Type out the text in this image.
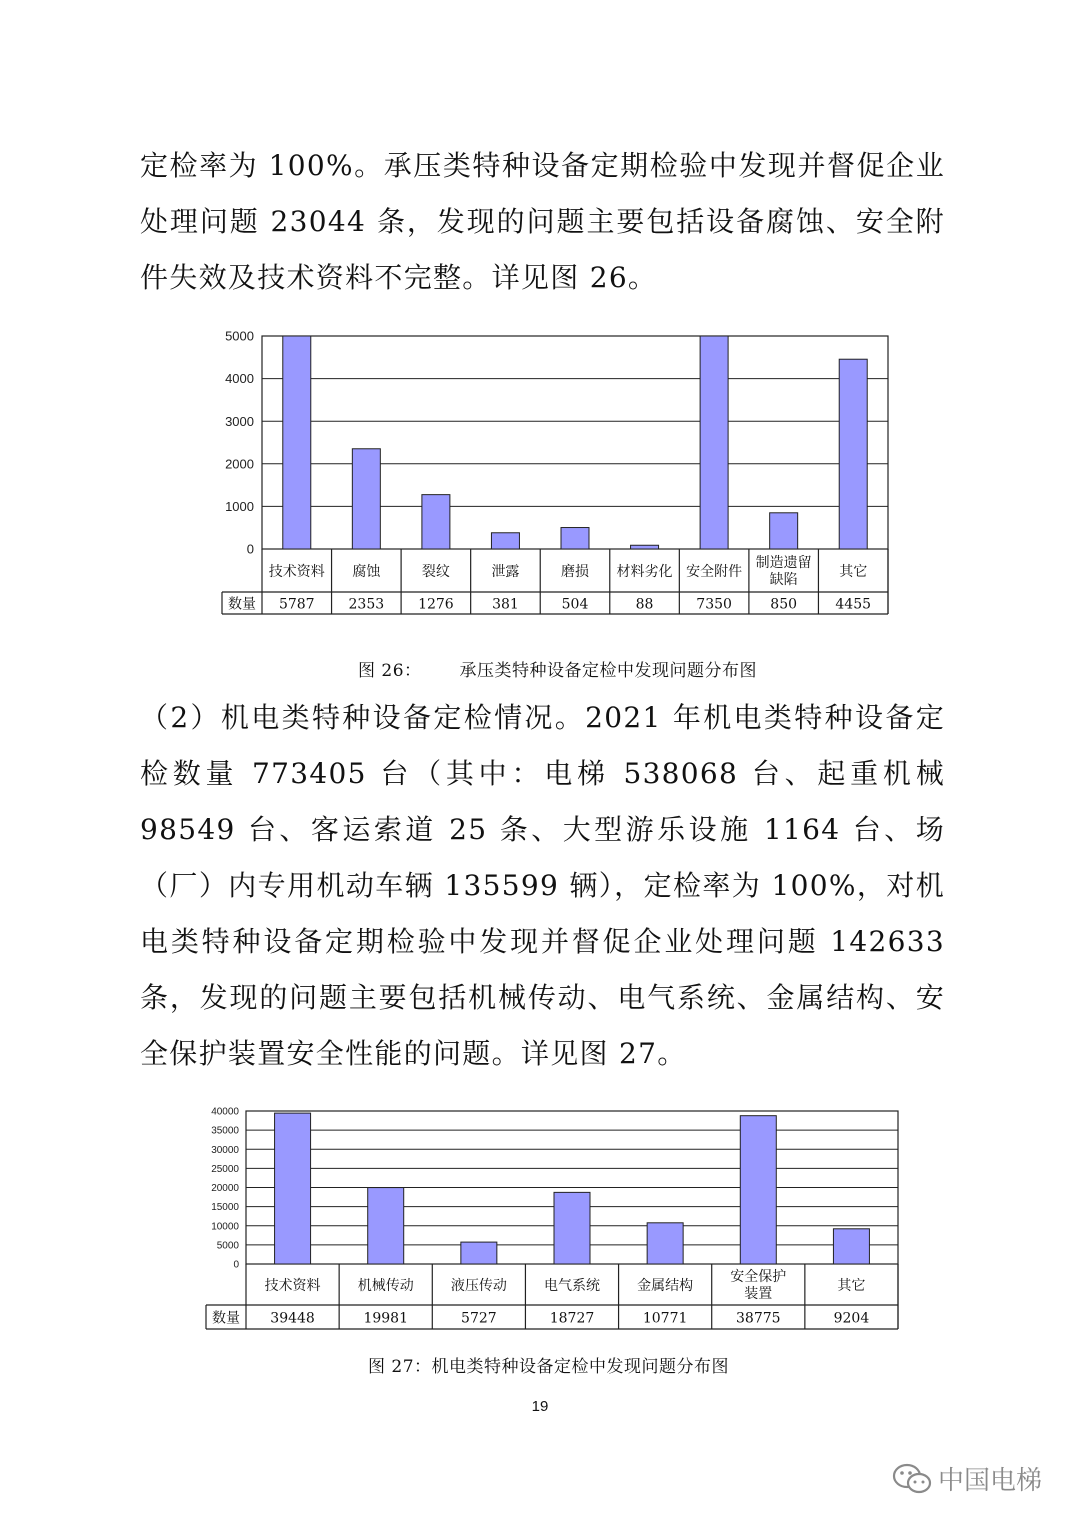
定检率为 100%。承压类特种设备定期检验中发现并督促企业处理问题 23044 条，发现的问题主要包括设备腐蚀、安全附件失效及技术资料不完整。详见图 26。

0
1000
2000
3000
4000
5000
技术资料
5787
腐蚀
2353
裂纹
1276
泄露
381
磨损
504
材料劣化
88
安全附件
7350
制造遗留缺陷
850
其它
4455
数量
图 26： 承压类特种设备定检中发现问题分布图

（2）机电类特种设备定检情况。2021 年机电类特种设备定检数量 773405 台（其中：电梯 538068 台、起重机械 98549 台、客运索道 25 条、大型游乐设施 1164 台、场（厂）内专用机动车辆 135599 辆），定检率为 100%，对机电类特种设备定期检验中发现并督促企业处理问题 142633 条，发现的问题主要包括机械传动、电气系统、金属结构、安全保护装置安全性能的问题。详见图 27。

0
5000
10000
15000
20000
25000
30000
35000
40000
技术资料
39448
机械传动
19981
液压传动
5727
电气系统
18727
金属结构
10771
安全保护装置
38775
其它
9204
数量
图 27：机电类特种设备定检中发现问题分布图
19
中国电梯
